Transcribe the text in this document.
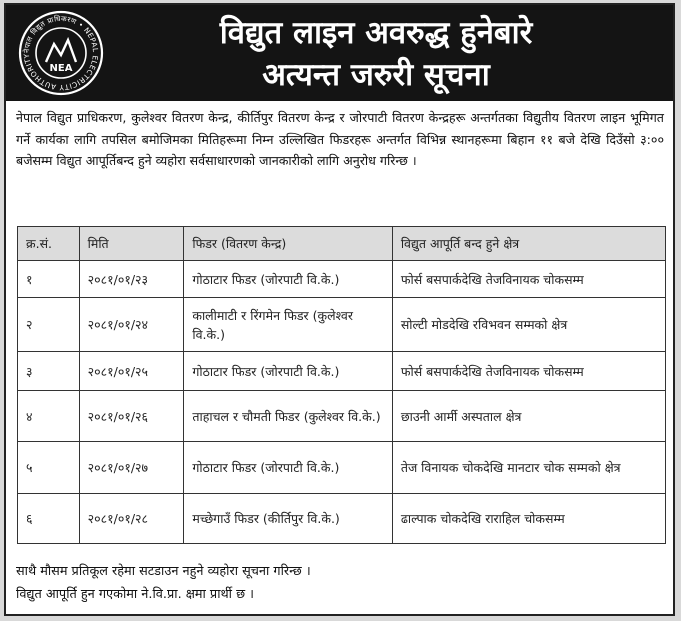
नेपाल विद्युत प्राधिकरण • NEPAL ELECTRICITY AUTHORITY
NEA
विद्युत लाइन अवरुद्ध हुनेबारे
अत्यन्त जरुरी सूचना
नेपाल विद्युत प्राधिकरण, कुलेश्वर वितरण केन्द्र, कीर्तिपुर वितरण केन्द्र र जोरपाटी वितरण केन्द्रहरू अन्तर्गतका विद्युतीय वितरण लाइन भूमिगत गर्ने कार्यका लागि तपसिल बमोजिमका मितिहरूमा निम्न उल्लिखित फिडरहरू अन्तर्गत विभिन्न स्थानहरूमा बिहान ११ बजे देखि दिउँसो ३:०० बजेसम्म विद्युत आपूर्तिबन्द हुने व्यहोरा सर्वसाधारणको जानकारीको लागि अनुरोध गरिन्छ ।
क्र.सं.	मिति	फिडर (वितरण केन्द्र)	विद्युत आपूर्ति बन्द हुने क्षेत्र
१	२०८१/०१/२३	गोठाटार फिडर (जोरपाटी वि.के.)	फोर्स बसपार्कदेखि तेजविनायक चोकसम्म
२	२०८१/०१/२४	कालीमाटी र रिंगमेन फिडर (कुलेश्वर वि.के.)	सोल्टी मोडदेखि रविभवन सम्मको क्षेत्र
३	२०८१/०१/२५	गोठाटार फिडर (जोरपाटी वि.के.)	फोर्स बसपार्कदेखि तेजविनायक चोकसम्म
४	२०८१/०१/२६	ताहाचल र चौमती फिडर (कुलेश्वर वि.के.)	छाउनी आर्मी अस्पताल क्षेत्र
५	२०८१/०१/२७	गोठाटार फिडर (जोरपाटी वि.के.)	तेज विनायक चोकदेखि मानटार चोक सम्मको क्षेत्र
६	२०८१/०१/२८	मच्छेगाउँ फिडर (कीर्तिपुर वि.के.)	ढाल्पाक चोकदेखि राराहिल चोकसम्म
साथै मौसम प्रतिकूल रहेमा सटडाउन नहुने व्यहोरा सूचना गरिन्छ ।
विद्युत आपूर्ति हुन गएकोमा ने.वि.प्रा. क्षमा प्रार्थी छ ।
